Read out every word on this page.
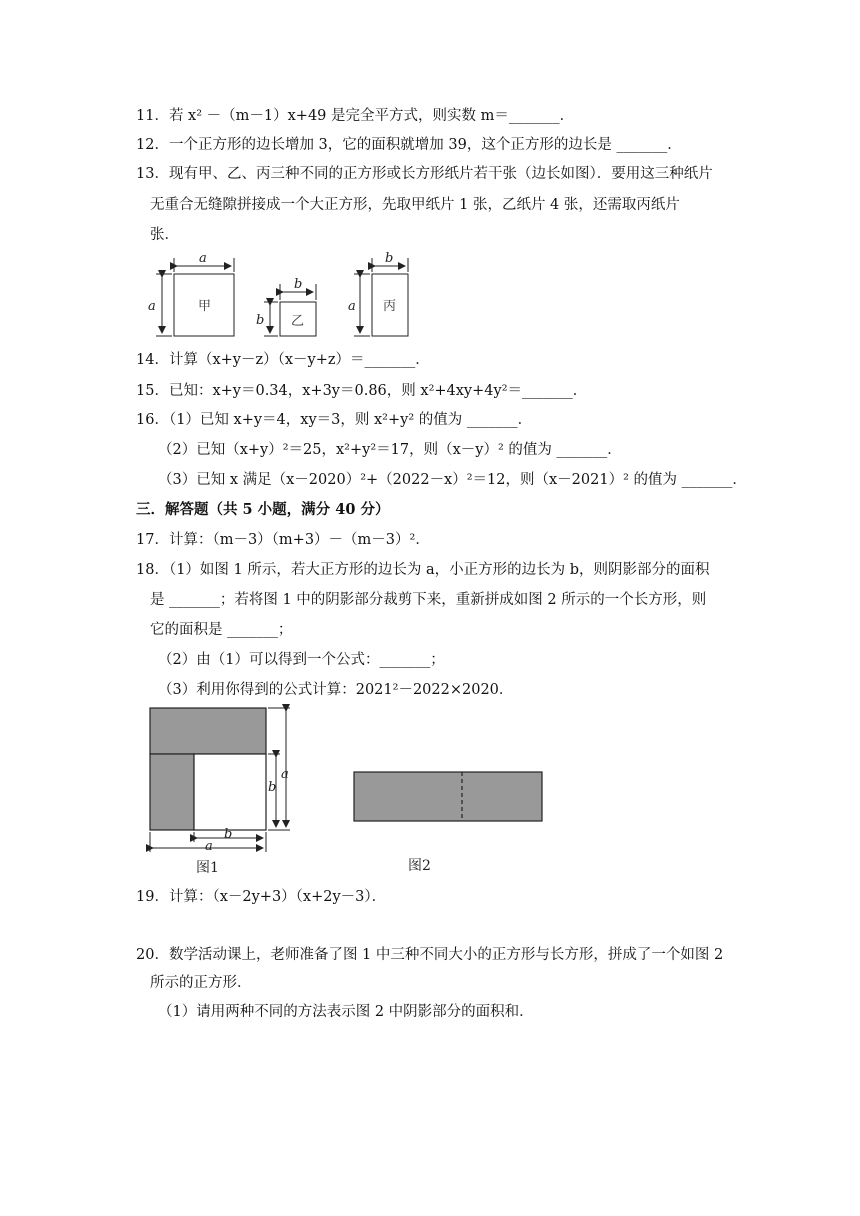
11．若 x² －（m－1）x+49 是完全平方式，则实数 m＝_______．
12．一个正方形的边长增加 3，它的面积就增加 39，这个正方形的边长是 _______．
13．现有甲、乙、丙三种不同的正方形或长方形纸片若干张（边长如图）．要用这三种纸片
无重合无缝隙拼接成一个大正方形，先取甲纸片 1 张，乙纸片 4 张，还需取丙纸片
张．
a
a
b
b
b
a
甲
乙
丙
14．计算（x+y－z）（x－y+z）＝_______．
15．已知：x+y＝0.34，x+3y＝0.86，则 x²+4xy+4y²＝_______．
16．（1）已知 x+y＝4，xy＝3，则 x²+y² 的值为 _______．
（2）已知（x+y）²＝25，x²+y²＝17，则（x－y）² 的值为 _______．
（3）已知 x 满足（x－2020）²+（2022－x）²＝12，则（x－2021）² 的值为 _______．
三．解答题（共 5 小题，满分 40 分）
17．计算：（m－3）（m+3）－（m－3）²．
18．（1）如图 1 所示，若大正方形的边长为 a，小正方形的边长为 b，则阴影部分的面积
是 _______；若将图 1 中的阴影部分裁剪下来，重新拼成如图 2 所示的一个长方形，则
它的面积是 _______；
（2）由（1）可以得到一个公式：_______；
（3）利用你得到的公式计算：2021²－2022×2020．
a
b
b
a
图1	图2
19．计算：（x－2y+3）（x+2y－3）．
20．数学活动课上，老师准备了图 1 中三种不同大小的正方形与长方形，拼成了一个如图 2
所示的正方形．
（1）请用两种不同的方法表示图 2 中阴影部分的面积和．
